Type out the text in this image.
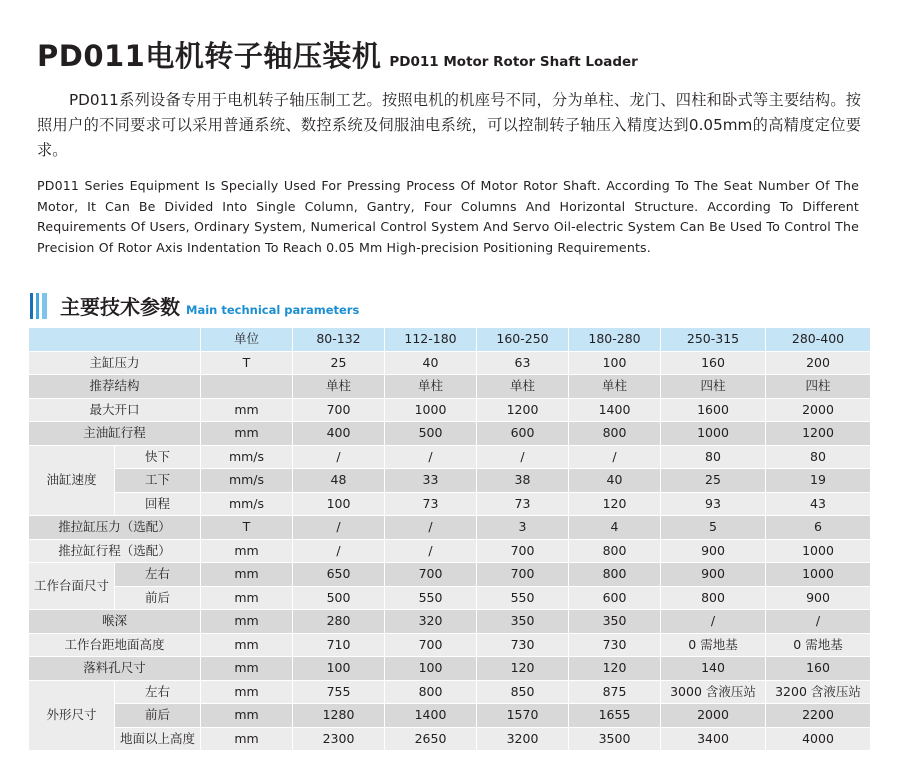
PD011电机转子轴压装机 PD011 Motor Rotor Shaft Loader

PD011系列设备专用于电机转子轴压制工艺。按照电机的机座号不同，分为单柱、龙门、四柱和卧式等主要结构。按照用户的不同要求可以采用普通系统、数控系统及伺服油电系统，可以控制转子轴压入精度达到0.05mm的高精度定位要求。

PD011 Series Equipment Is Specially Used For Pressing Process Of Motor Rotor Shaft. According To The Seat Number Of The Motor, It Can Be Divided Into Single Column, Gantry, Four Columns And Horizontal Structure. According To Different Requirements Of Users, Ordinary System, Numerical Control System And Servo Oil-electric System Can Be Used To Control The Precision Of Rotor Axis Indentation To Reach 0.05 Mm High-precision Positioning Requirements.

主要技术参数 Main technical parameters
		单位	80-132	112-180	160-250	180-280	250-315	280-400
主缸压力		T	25	40	63	100	160	200
推荐结构			单柱	单柱	单柱	单柱	四柱	四柱
最大开口		mm	700	1000	1200	1400	1600	2000
主油缸行程		mm	400	500	600	800	1000	1200
油缸速度	快下	mm/s	/	/	/	/	80	80
	工下	mm/s	48	33	38	40	25	19
	回程	mm/s	100	73	73	120	93	43
推拉缸压力（选配）		T	/	/	3	4	5	6
推拉缸行程（选配）		mm	/	/	700	800	900	1000
工作台面尺寸	左右	mm	650	700	700	800	900	1000
	前后	mm	500	550	550	600	800	900
喉深		mm	280	320	350	350	/	/
工作台距地面高度		mm	710	700	730	730	0 需地基	0 需地基
落料孔尺寸		mm	100	100	120	120	140	160
外形尺寸	左右	mm	755	800	850	875	3000 含液压站	3200 含液压站
	前后	mm	1280	1400	1570	1655	2000	2200
	地面以上高度	mm	2300	2650	3200	3500	3400	4000
